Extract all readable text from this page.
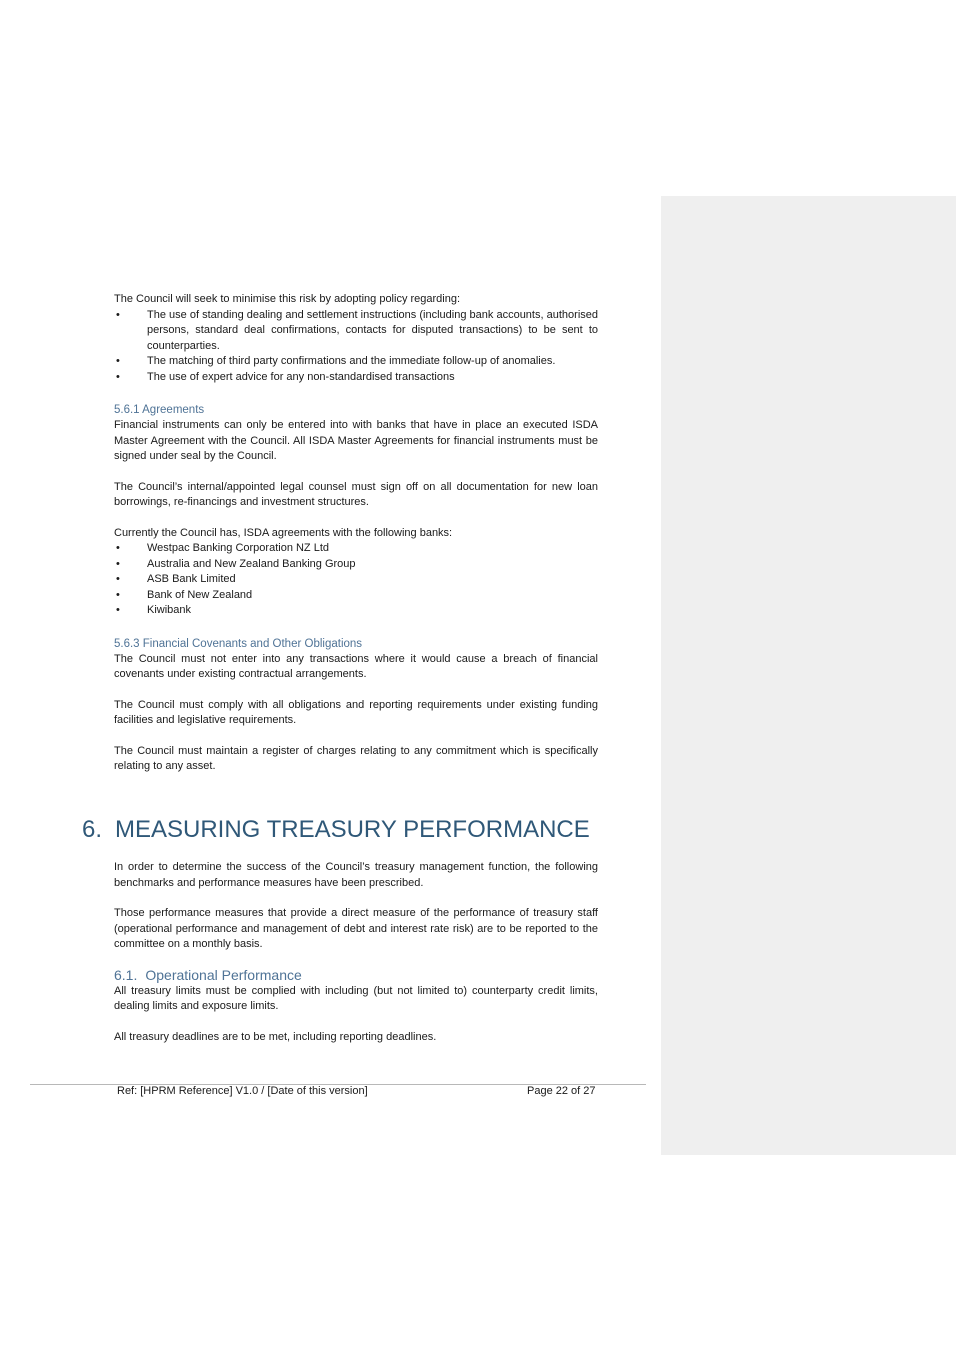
The Council will seek to minimise this risk by adopting policy regarding:

• The use of standing dealing and settlement instructions (including bank accounts, authorised persons, standard deal confirmations, contacts for disputed transactions) to be sent to counterparties.
• The matching of third party confirmations and the immediate follow-up of anomalies.
• The use of expert advice for any non-standardised transactions
5.6.1 Agreements

Financial instruments can only be entered into with banks that have in place an executed ISDA Master Agreement with the Council. All ISDA Master Agreements for financial instruments must be signed under seal by the Council.

The Council’s internal/appointed legal counsel must sign off on all documentation for new loan borrowings, re-financings and investment structures.

Currently the Council has, ISDA agreements with the following banks:

• Westpac Banking Corporation NZ Ltd
• Australia and New Zealand Banking Group
• ASB Bank Limited
• Bank of New Zealand
• Kiwibank
5.6.3 Financial Covenants and Other Obligations

The Council must not enter into any transactions where it would cause a breach of financial covenants under existing contractual arrangements.

The Council must comply with all obligations and reporting requirements under existing funding facilities and legislative requirements.

The Council must maintain a register of charges relating to any commitment which is specifically relating to any asset.

6. MEASURING TREASURY PERFORMANCE

In order to determine the success of the Council’s treasury management function, the following benchmarks and performance measures have been prescribed.

Those performance measures that provide a direct measure of the performance of treasury staff (operational performance and management of debt and interest rate risk) are to be reported to the committee on a monthly basis.

6.1. Operational Performance

All treasury limits must be complied with including (but not limited to) counterparty credit limits, dealing limits and exposure limits.

All treasury deadlines are to be met, including reporting deadlines.

Ref: [HPRM Reference] V1.0 / [Date of this version]	Page 22 of 27
